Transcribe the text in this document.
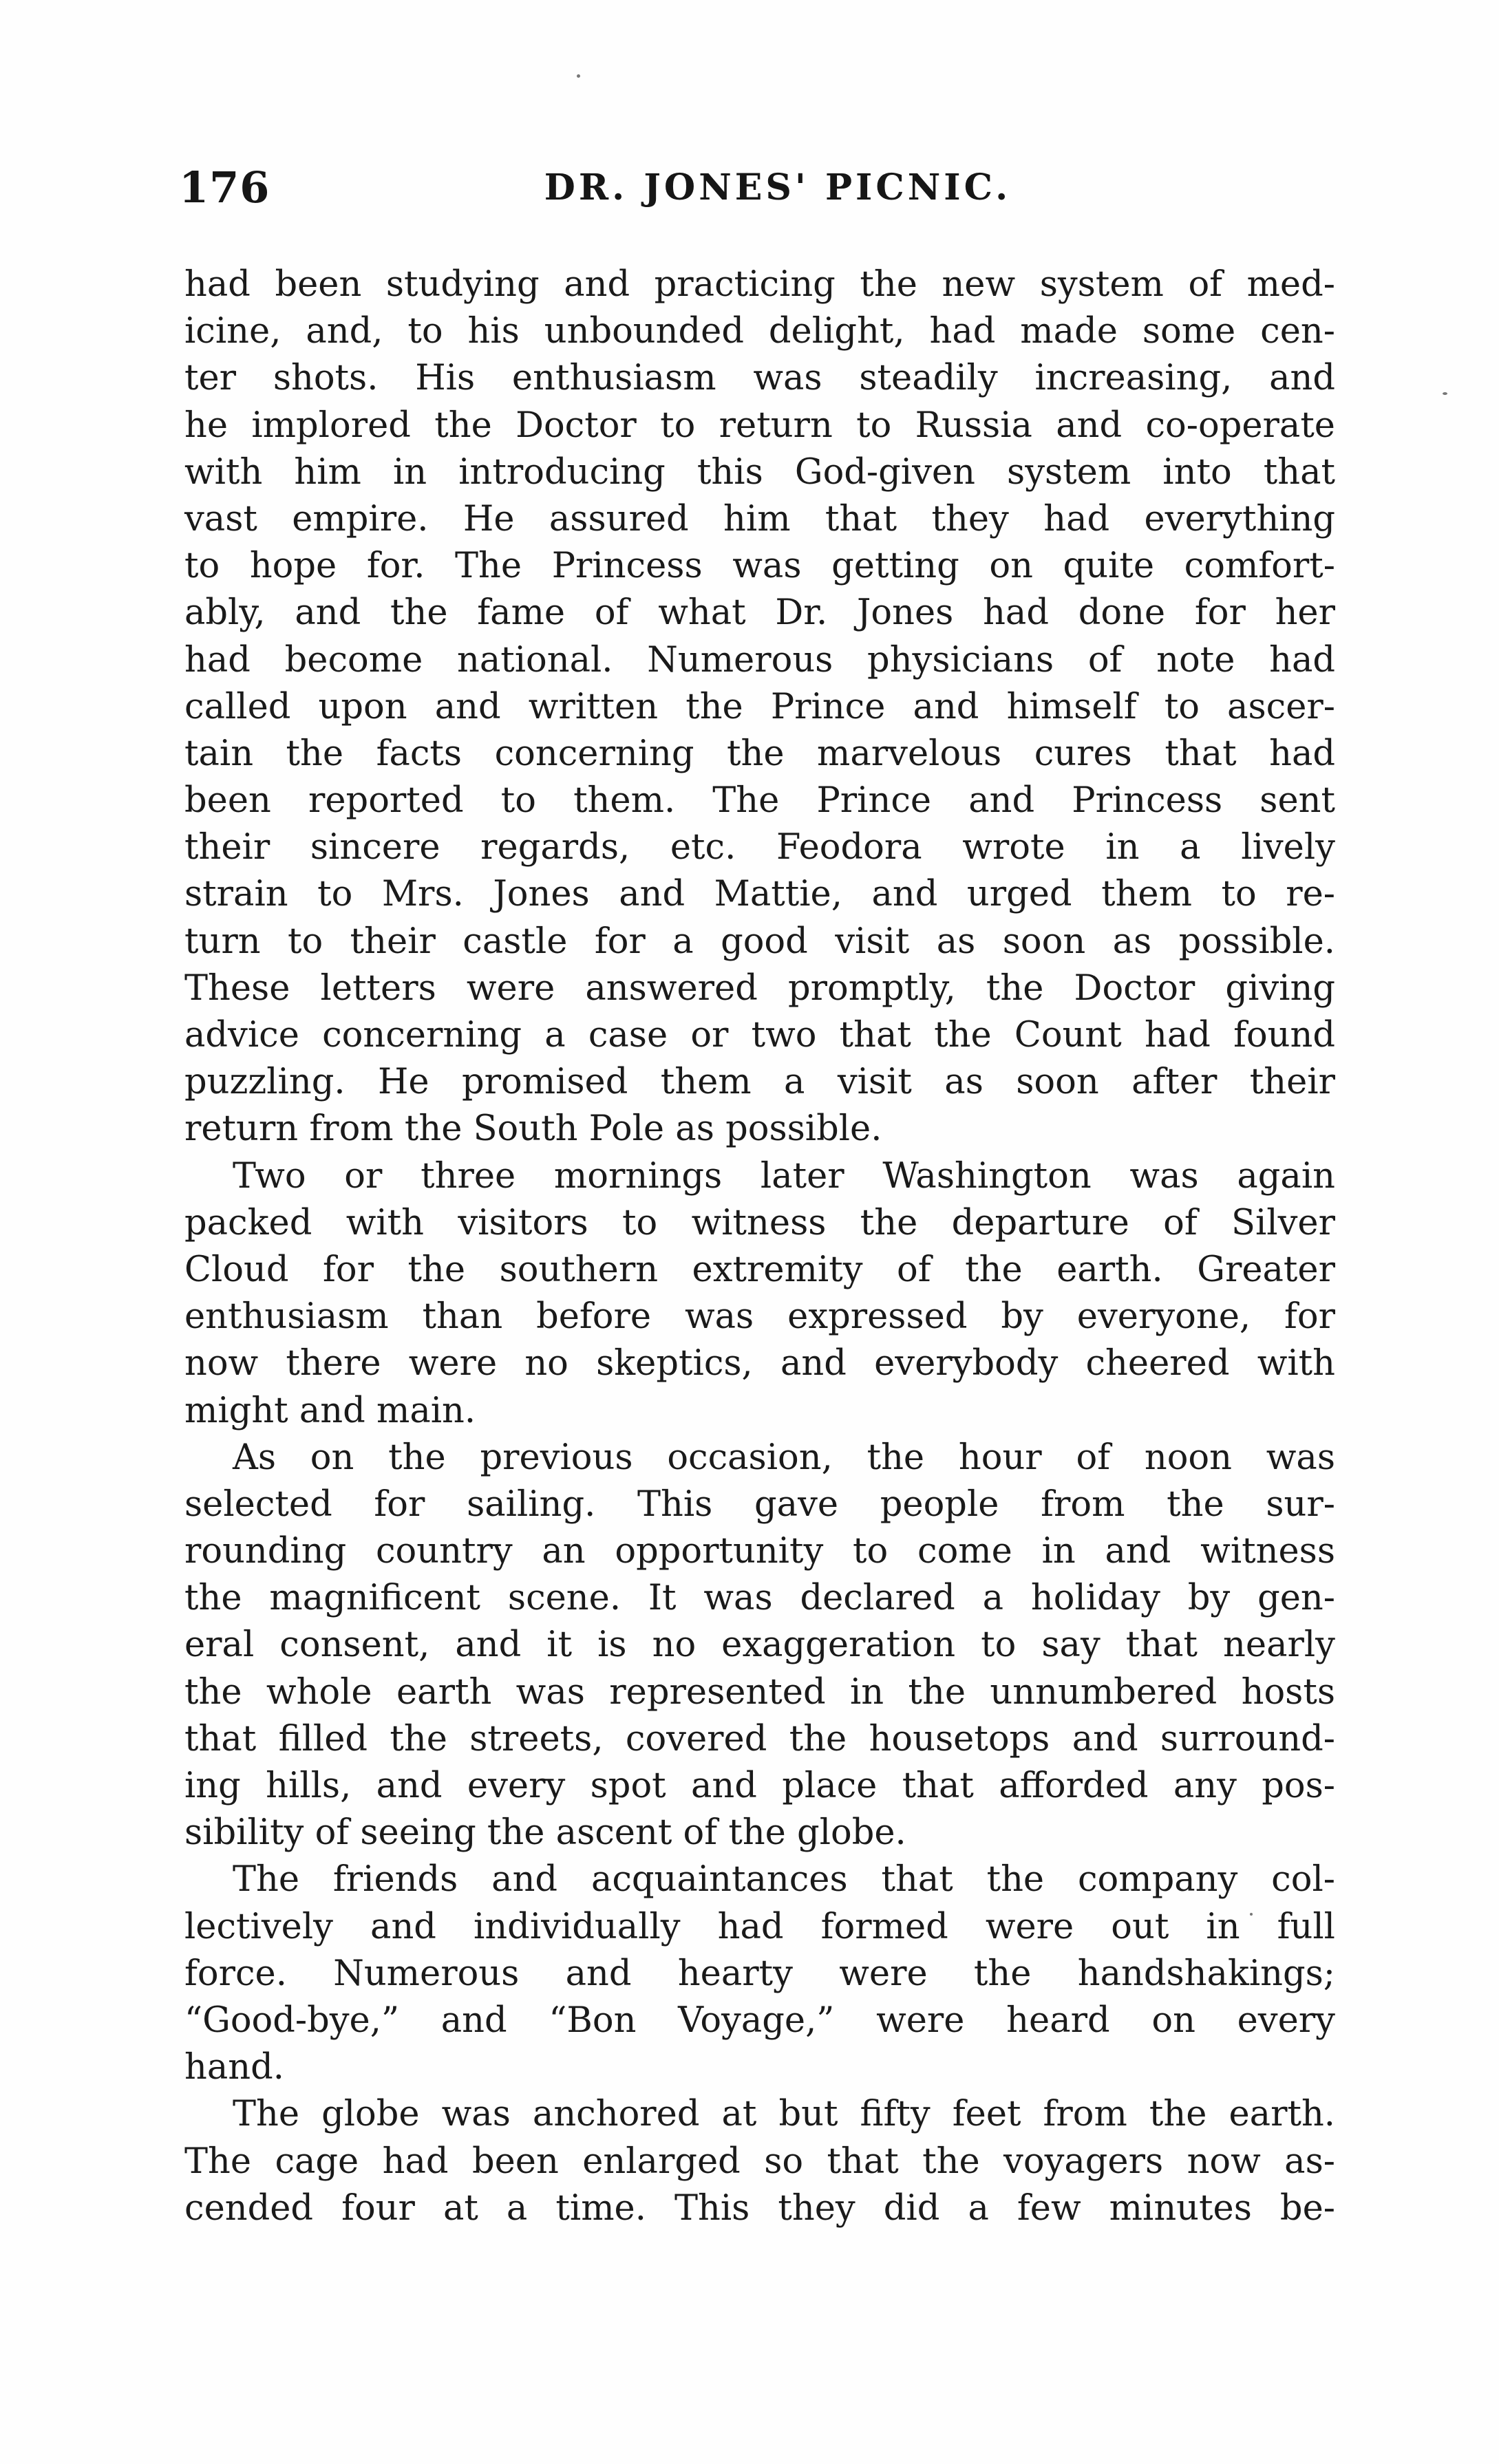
176	DR. JONES' PICNIC.
had been studying and practicing the new system of med-
icine, and, to his unbounded delight, had made some cen-
ter shots. His enthusiasm was steadily increasing, and
he implored the Doctor to return to Russia and co-operate
with him in introducing this God-given system into that
vast empire. He assured him that they had everything
to hope for. The Princess was getting on quite comfort-
ably, and the fame of what Dr. Jones had done for her
had become national. Numerous physicians of note had
called upon and written the Prince and himself to ascer-
tain the facts concerning the marvelous cures that had
been reported to them. The Prince and Princess sent
their sincere regards, etc. Feodora wrote in a lively
strain to Mrs. Jones and Mattie, and urged them to re-
turn to their castle for a good visit as soon as possible.
These letters were answered promptly, the Doctor giving
advice concerning a case or two that the Count had found
puzzling. He promised them a visit as soon after their
return from the South Pole as possible.
Two or three mornings later Washington was again
packed with visitors to witness the departure of Silver
Cloud for the southern extremity of the earth. Greater
enthusiasm than before was expressed by everyone, for
now there were no skeptics, and everybody cheered with
might and main.
As on the previous occasion, the hour of noon was
selected for sailing. This gave people from the sur-
rounding country an opportunity to come in and witness
the magnificent scene. It was declared a holiday by gen-
eral consent, and it is no exaggeration to say that nearly
the whole earth was represented in the unnumbered hosts
that filled the streets, covered the housetops and surround-
ing hills, and every spot and place that afforded any pos-
sibility of seeing the ascent of the globe.
The friends and acquaintances that the company col-
lectively and individually had formed were out in full
force. Numerous and hearty were the handshakings;
“Good-bye,” and “Bon Voyage,” were heard on every
hand.
The globe was anchored at but fifty feet from the earth.
The cage had been enlarged so that the voyagers now as-
cended four at a time. This they did a few minutes be-
